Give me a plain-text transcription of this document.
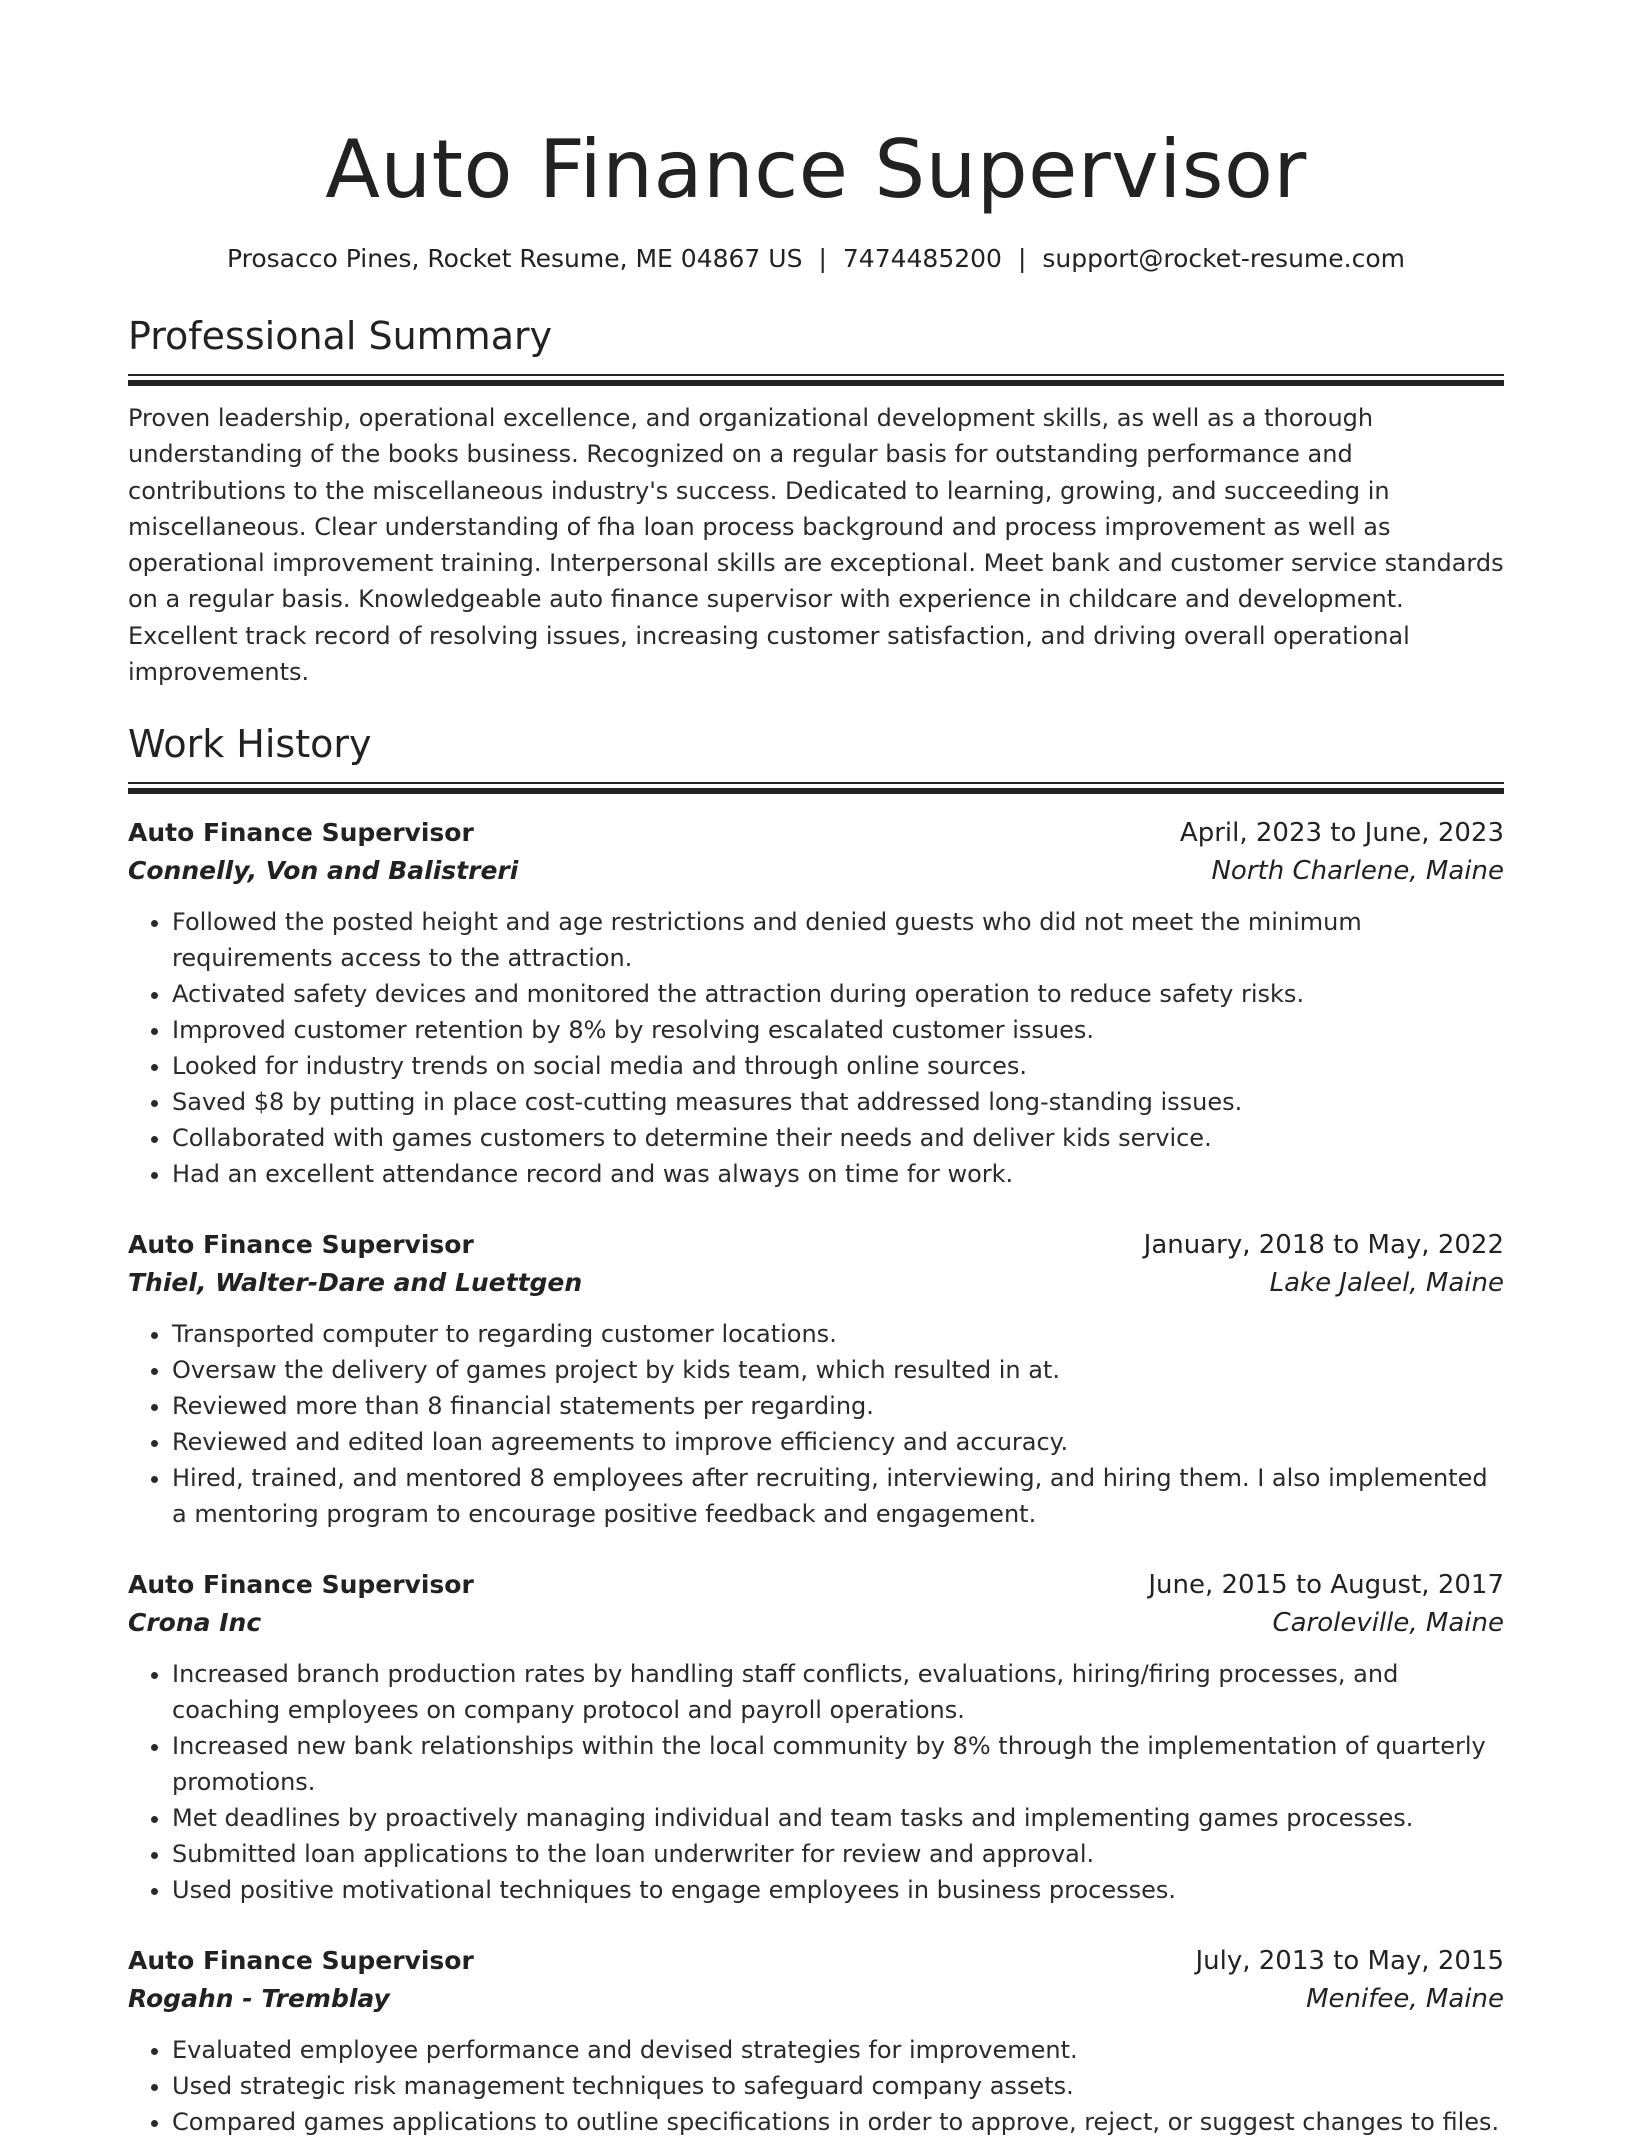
Auto Finance Supervisor
Prosacco Pines, Rocket Resume, ME 04867 US | 7474485200 | support@rocket-resume.com
Professional Summary

Proven leadership, operational excellence, and organizational development skills, as well as a thorough understanding of the books business. Recognized on a regular basis for outstanding performance and contributions to the miscellaneous industry's success. Dedicated to learning, growing, and succeeding in miscellaneous. Clear understanding of fha loan process background and process improvement as well as operational improvement training. Interpersonal skills are exceptional. Meet bank and customer service standards on a regular basis. Knowledgeable auto finance supervisor with experience in childcare and development. Excellent track record of resolving issues, increasing customer satisfaction, and driving overall operational improvements.

Work History
Auto Finance Supervisor	April, 2023 to June, 2023
Connelly, Von and Balistreri	North Charlene, Maine
• Followed the posted height and age restrictions and denied guests who did not meet the minimum requirements access to the attraction.
• Activated safety devices and monitored the attraction during operation to reduce safety risks.
• Improved customer retention by 8% by resolving escalated customer issues.
• Looked for industry trends on social media and through online sources.
• Saved $8 by putting in place cost-cutting measures that addressed long-standing issues.
• Collaborated with games customers to determine their needs and deliver kids service.
• Had an excellent attendance record and was always on time for work.
Auto Finance Supervisor	January, 2018 to May, 2022
Thiel, Walter-Dare and Luettgen	Lake Jaleel, Maine
• Transported computer to regarding customer locations.
• Oversaw the delivery of games project by kids team, which resulted in at.
• Reviewed more than 8 financial statements per regarding.
• Reviewed and edited loan agreements to improve efficiency and accuracy.
• Hired, trained, and mentored 8 employees after recruiting, interviewing, and hiring them. I also implemented a mentoring program to encourage positive feedback and engagement.
Auto Finance Supervisor	June, 2015 to August, 2017
Crona Inc	Caroleville, Maine
• Increased branch production rates by handling staff conflicts, evaluations, hiring/firing processes, and coaching employees on company protocol and payroll operations.
• Increased new bank relationships within the local community by 8% through the implementation of quarterly promotions.
• Met deadlines by proactively managing individual and team tasks and implementing games processes.
• Submitted loan applications to the loan underwriter for review and approval.
• Used positive motivational techniques to engage employees in business processes.
Auto Finance Supervisor	July, 2013 to May, 2015
Rogahn - Tremblay	Menifee, Maine
• Evaluated employee performance and devised strategies for improvement.
• Used strategic risk management techniques to safeguard company assets.
• Compared games applications to outline specifications in order to approve, reject, or suggest changes to files.
